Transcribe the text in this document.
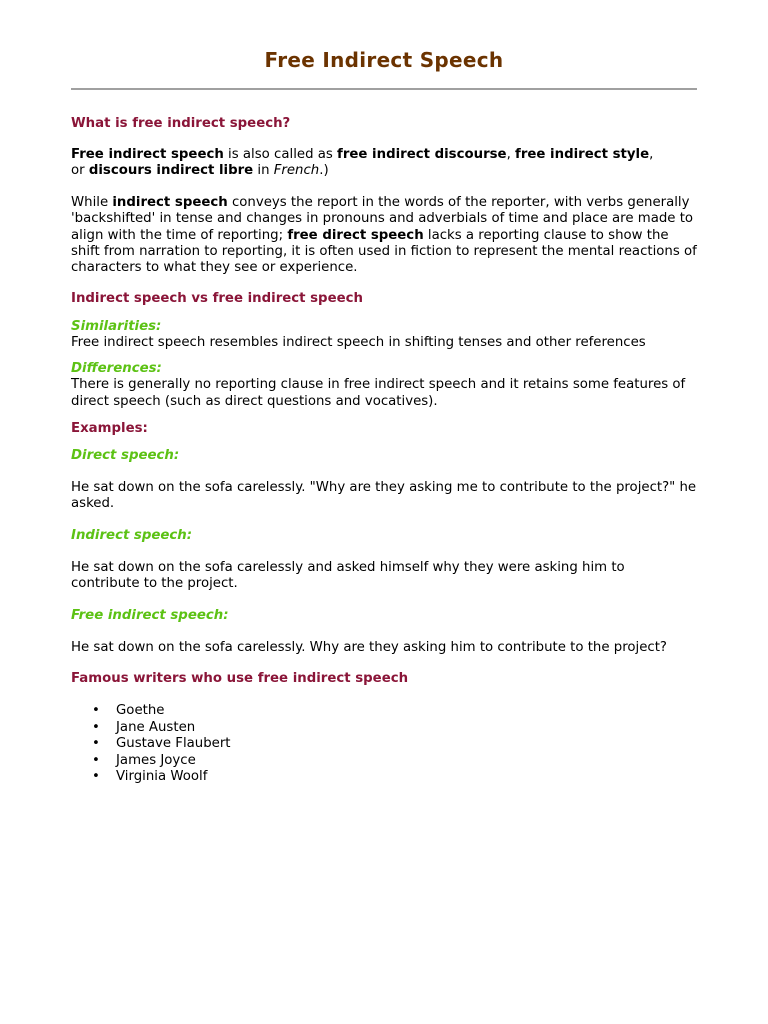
Free Indirect Speech
What is free indirect speech?

Free indirect speech is also called as free indirect discourse, free indirect style,
or discours indirect libre in French.)

While indirect speech conveys the report in the words of the reporter, with verbs generally 'backshifted' in tense and changes in pronouns and adverbials of time and place are made to align with the time of reporting; free direct speech lacks a reporting clause to show the shift from narration to reporting, it is often used in fiction to represent the mental reactions of characters to what they see or experience.

Indirect speech vs free indirect speech
Similarities:

Free indirect speech resembles indirect speech in shifting tenses and other references

Differences:

There is generally no reporting clause in free indirect speech and it retains some features of direct speech (such as direct questions and vocatives).

Examples:
Direct speech:

He sat down on the sofa carelessly. "Why are they asking me to contribute to the project?" he asked.

Indirect speech:

He sat down on the sofa carelessly and asked himself why they were asking him to contribute to the project.

Free indirect speech:

He sat down on the sofa carelessly. Why are they asking him to contribute to the project?

Famous writers who use free indirect speech
• Goethe
• Jane Austen
• Gustave Flaubert
• James Joyce
• Virginia Woolf
